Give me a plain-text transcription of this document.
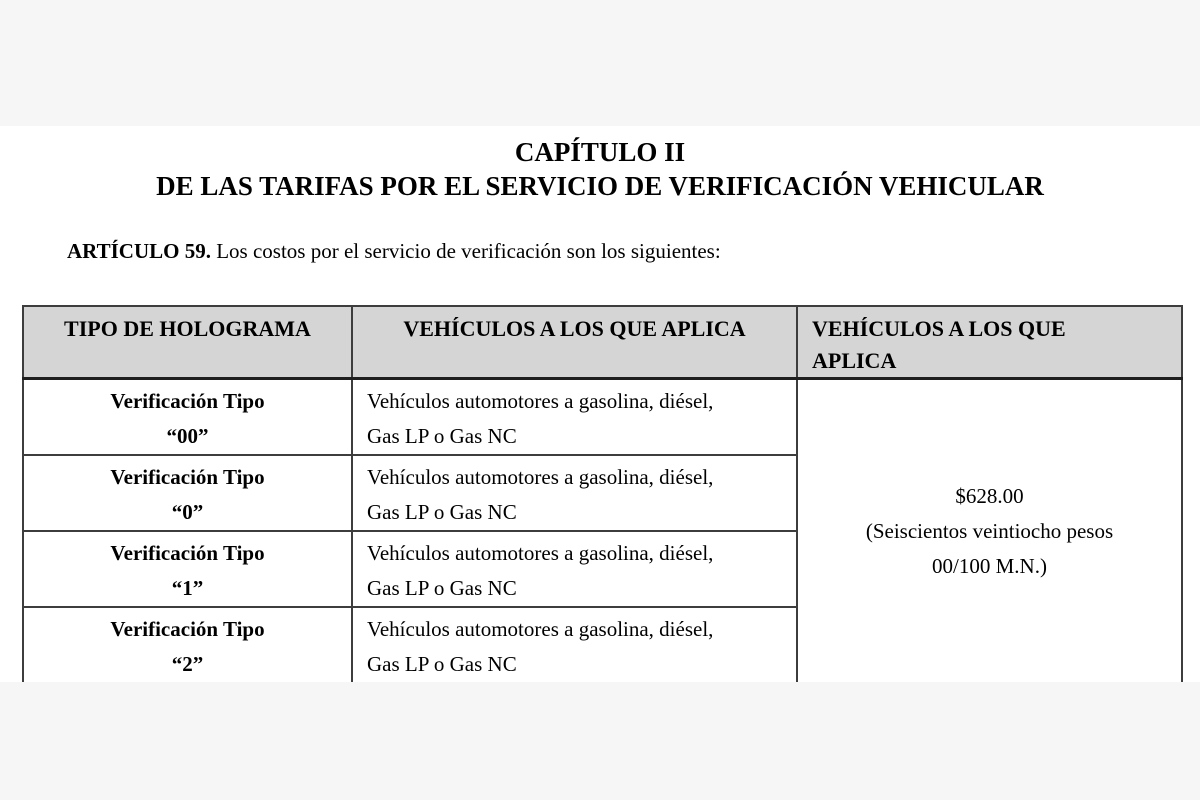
CAPÍTULO II
DE LAS TARIFAS POR EL SERVICIO DE VERIFICACIÓN VEHICULAR

ARTÍCULO 59. Los costos por el servicio de verificación son los siguientes:

TIPO DE HOLOGRAMA	VEHÍCULOS A LOS QUE APLICA	VEHÍCULOS A LOS QUE APLICA

Verificación Tipo
“00”	Vehículos automotores a gasolina, diésel,
Gas LP o Gas NC	$628.00
(Seiscientos veintiocho pesos
00/100 M.N.)

Verificación Tipo
“0”	Vehículos automotores a gasolina, diésel,
Gas LP o Gas NC	

Verificación Tipo
“1”	Vehículos automotores a gasolina, diésel,
Gas LP o Gas NC	

Verificación Tipo
“2”	Vehículos automotores a gasolina, diésel,
Gas LP o Gas NC	
